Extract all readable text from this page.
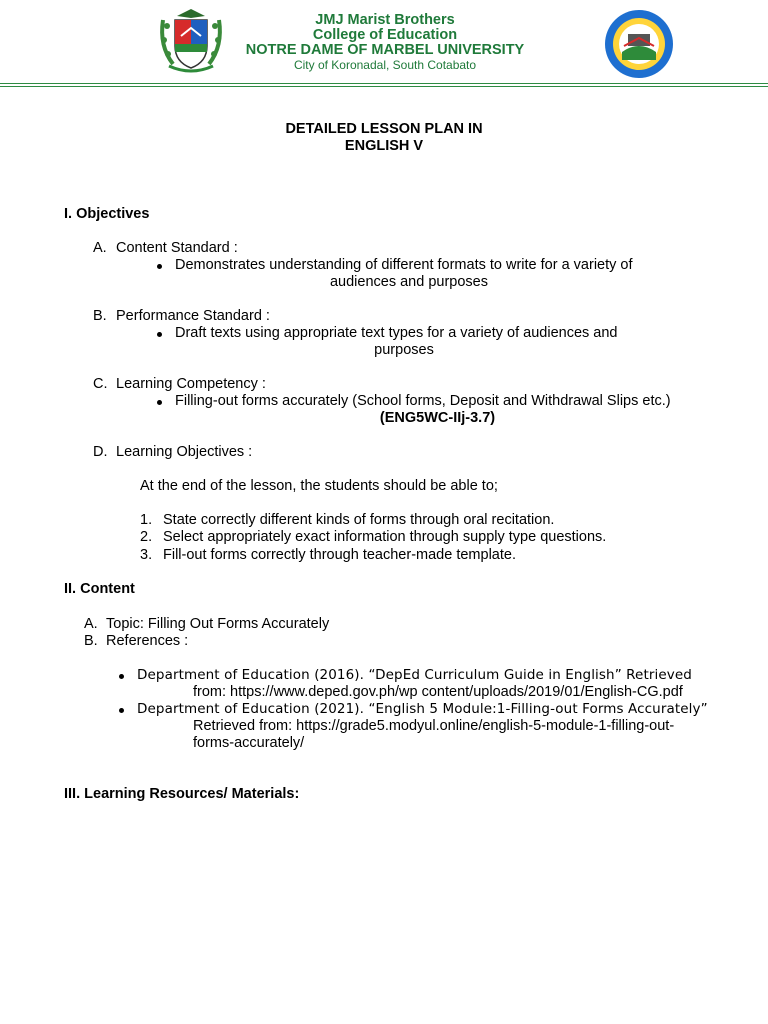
JMJ Marist Brothers
College of Education
NOTRE DAME OF MARBEL UNIVERSITY
City of Koronadal, South Cotabato
DETAILED LESSON PLAN IN
ENGLISH V
I. Objectives
A. Content Standard :
Demonstrates understanding of different formats to write for a variety of
audiences and purposes
B. Performance Standard :
Draft texts using appropriate text types for a variety of audiences and
purposes
C. Learning Competency :
Filling-out forms accurately (School forms, Deposit and Withdrawal Slips etc.)
(ENG5WC-IIj-3.7)
D. Learning Objectives :
At the end of the lesson, the students should be able to;
1. State correctly different kinds of forms through oral recitation.
2. Select appropriately exact information through supply type questions.
3. Fill-out forms correctly through teacher-made template.
II. Content
A. Topic: Filling Out Forms Accurately
B. References :
Department of Education (2016). “DepEd Curriculum Guide in English” Retrieved
from: https://www.deped.gov.ph/wp content/uploads/2019/01/English-CG.pdf
Department of Education (2021). “English 5 Module:1-Filling-out Forms Accurately”
Retrieved from: https://grade5.modyul.online/english-5-module-1-filling-out-
forms-accurately/
III. Learning Resources/ Materials:
